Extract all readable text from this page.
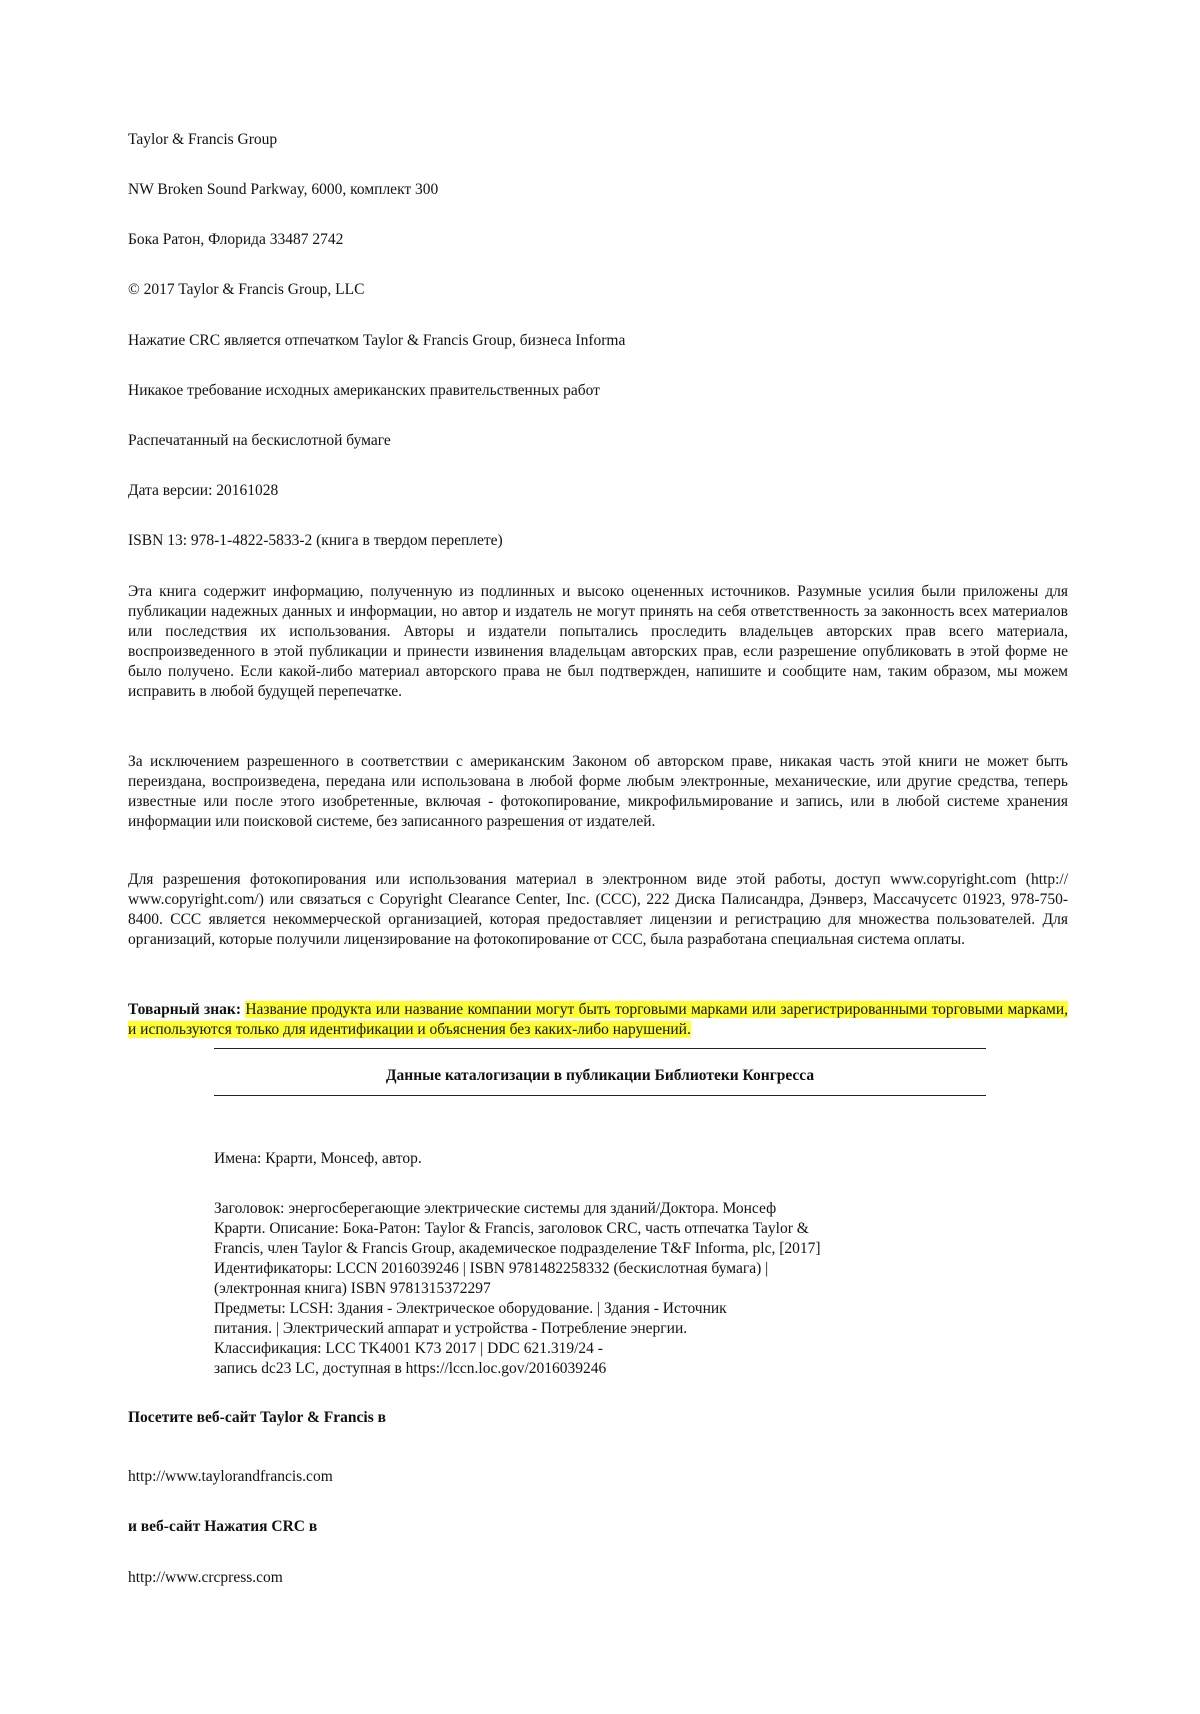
Taylor & Francis Group
NW Broken Sound Parkway, 6000, комплект 300
Бока Ратон, Флорида 33487 2742
© 2017 Taylor & Francis Group, LLC
Нажатие CRC является отпечатком Taylor & Francis Group, бизнеса Informa
Никакое требование исходных американских правительственных работ
Распечатанный на бескислотной бумаге
Дата версии: 20161028
ISBN 13: 978-1-4822-5833-2 (книга в твердом переплете)
Эта книга содержит информацию, полученную из подлинных и высоко оцененных источников. Разумные усилия были приложены для публикации надежных данных и информации, но автор и издатель не могут принять на себя ответственность за законность всех материалов или последствия их использования. Авторы и издатели попытались проследить владельцев авторских прав всего материала, воспроизведенного в этой публикации и принести извинения владельцам авторских прав, если разрешение опубликовать в этой форме не было получено. Если какой-либо материал авторского права не был подтвержден, напишите и сообщите нам, таким образом, мы можем исправить в любой будущей перепечатке.
За исключением разрешенного в соответствии с американским Законом об авторском праве, никакая часть этой книги не может быть переиздана, воспроизведена, передана или использована в любой форме любым электронные, механические, или другие средства, теперь известные или после этого изобретенные, включая - фотокопирование, микрофильмирование и запись, или в любой системе хранения информации или поисковой системе, без записанного разрешения от издателей.
Для разрешения фотокопирования или использования материал в электронном виде этой работы, доступ www.copyright.com (http:// www.copyright.com/) или связаться с Copyright Clearance Center, Inc. (CCC), 222 Диска Палисандра, Дэнверз, Массачусетс 01923, 978-750-8400. CCC является некоммерческой организацией, которая предоставляет лицензии и регистрацию для множества пользователей. Для организаций, которые получили лицензирование на фотокопирование от CCC, была разработана специальная система оплаты.
Товарный знак: Название продукта или название компании могут быть торговыми марками или зарегистрированными торговыми марками, и используются только для идентификации и объяснения без каких-либо нарушений.
Данные каталогизации в публикации Библиотеки Конгресса
Имена: Крарти, Монсеф, автор.
Заголовок: энергосберегающие электрические системы для зданий/Доктора. Монсеф
Крарти. Описание: Бока-Ратон: Taylor & Francis, заголовок CRC, часть отпечатка Taylor &
Francis, член Taylor & Francis Group, академическое подразделение T&F Informa, plc, [2017]
Идентификаторы: LCCN 2016039246 | ISBN 9781482258332 (бескислотная бумага) |
(электронная книга) ISBN 9781315372297
Предметы: LCSH: Здания - Электрическое оборудование. | Здания - Источник
питания. | Электрический аппарат и устройства - Потребление энергии.
Классификация: LCC TK4001 K73 2017 | DDC 621.319/24 -
запись dc23 LC, доступная в https://lccn.loc.gov/2016039246
Посетите веб-сайт Taylor & Francis в
http://www.taylorandfrancis.com
и веб-сайт Нажатия CRC в
http://www.crcpress.com
